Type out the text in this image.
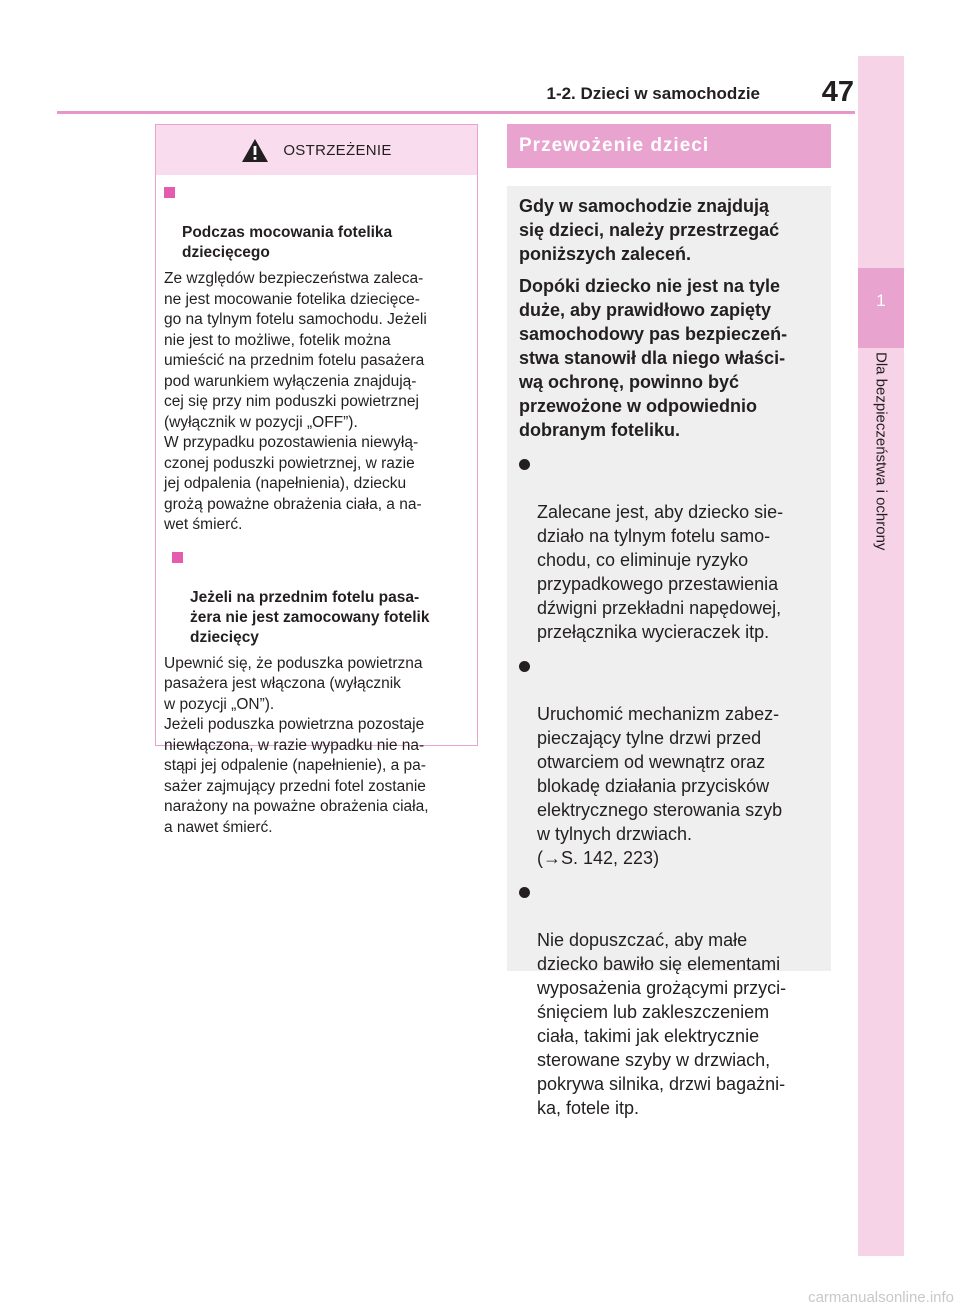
1-2. Dzieci w samochodzie	47
1
Dla bezpieczeństwa i ochrony
OSTRZEŻENIE

Podczas mocowania fotelika
dziecięcego

Ze względów bezpieczeństwa zaleca-
ne jest mocowanie fotelika dziecięce-
go na tylnym fotelu samochodu. Jeżeli
nie jest to możliwe, fotelik można
umieścić na przednim fotelu pasażera
pod warunkiem wyłączenia znajdują-
cej się przy nim poduszki powietrznej
(wyłącznik w pozycji „OFF”).
W przypadku pozostawienia niewyłą-
czonej poduszki powietrznej, w razie
jej odpalenia (napełnienia), dziecku
grożą poważne obrażenia ciała, a na-
wet śmierć.

Jeżeli na przednim fotelu pasa-
żera nie jest zamocowany fotelik
dziecięcy

Upewnić się, że poduszka powietrzna
pasażera jest włączona (wyłącznik
w pozycji „ON”).
Jeżeli poduszka powietrzna pozostaje
niewłączona, w razie wypadku nie na-
stąpi jej odpalenie (napełnienie), a pa-
sażer zajmujący przedni fotel zostanie
narażony na poważne obrażenia ciała,
a nawet śmierć.

Przewożenie dzieci

Gdy w samochodzie znajdują
się dzieci, należy przestrzegać
poniższych zaleceń.

Dopóki dziecko nie jest na tyle
duże, aby prawidłowo zapięty
samochodowy pas bezpieczeń-
stwa stanowił dla niego właści-
wą ochronę, powinno być
przewożone w odpowiednio
dobranym foteliku.

Zalecane jest, aby dziecko sie-
działo na tylnym fotelu samo-
chodu, co eliminuje ryzyko
przypadkowego przestawienia
dźwigni przekładni napędowej,
przełącznika wycieraczek itp.

Uruchomić mechanizm zabez-
pieczający tylne drzwi przed
otwarciem od wewnątrz oraz
blokadę działania przycisków
elektrycznego sterowania szyb
w tylnych drzwiach.
(→S. 142, 223)

Nie dopuszczać, aby małe
dziecko bawiło się elementami
wyposażenia grożącymi przyci-
śnięciem lub zakleszczeniem
ciała, takimi jak elektrycznie
sterowane szyby w drzwiach,
pokrywa silnika, drzwi bagażni-
ka, fotele itp.

carmanualsonline.info
